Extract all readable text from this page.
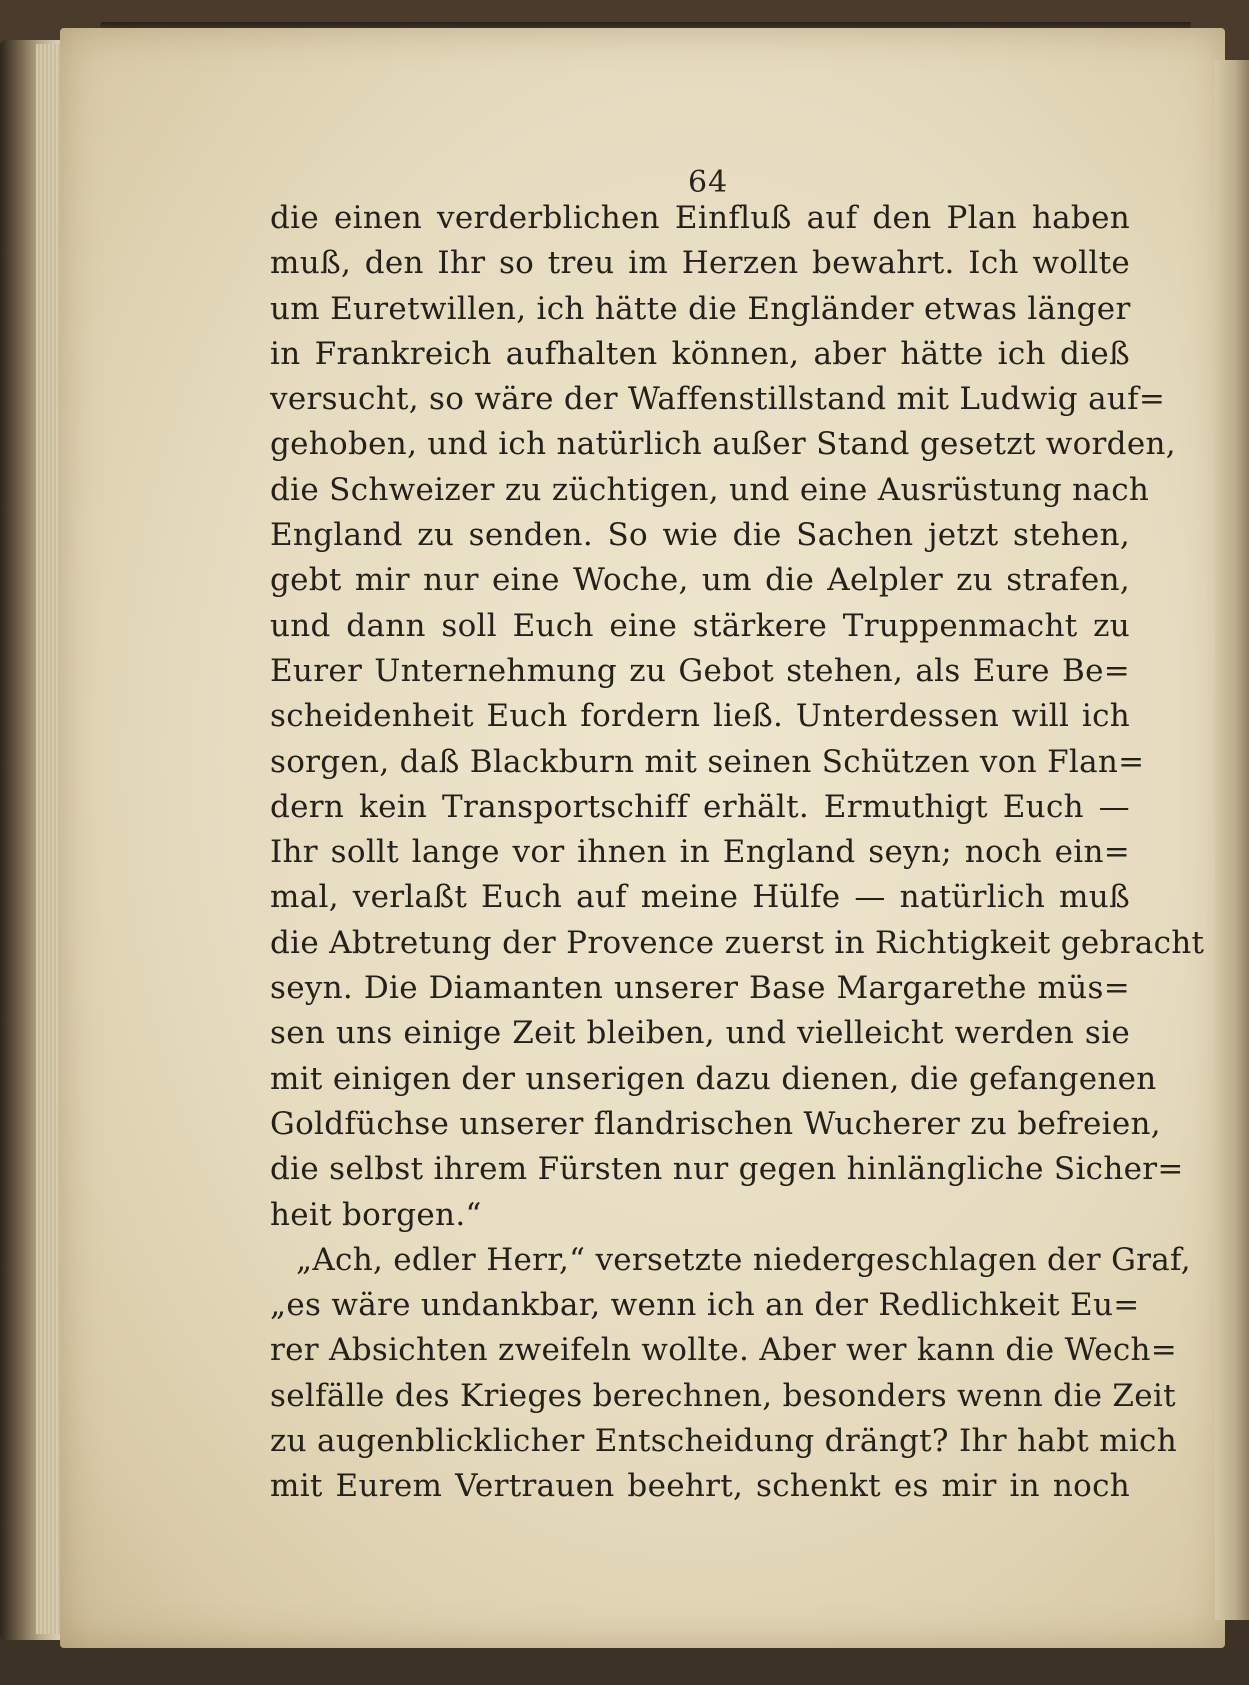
64
die einen verderblichen Einfluß auf den Plan haben
muß, den Ihr so treu im Herzen bewahrt. Ich wollte
um Euretwillen, ich hätte die Engländer etwas länger
in Frankreich aufhalten können, aber hätte ich dieß
versucht, so wäre der Waffenstillstand mit Ludwig auf=
gehoben, und ich natürlich außer Stand gesetzt worden,
die Schweizer zu züchtigen, und eine Ausrüstung nach
England zu senden. So wie die Sachen jetzt stehen,
gebt mir nur eine Woche, um die Aelpler zu strafen,
und dann soll Euch eine stärkere Truppenmacht zu
Eurer Unternehmung zu Gebot stehen, als Eure Be=
scheidenheit Euch fordern ließ. Unterdessen will ich
sorgen, daß Blackburn mit seinen Schützen von Flan=
dern kein Transportschiff erhält. Ermuthigt Euch —
Ihr sollt lange vor ihnen in England seyn; noch ein=
mal, verlaßt Euch auf meine Hülfe — natürlich muß
die Abtretung der Provence zuerst in Richtigkeit gebracht
seyn. Die Diamanten unserer Base Margarethe müs=
sen uns einige Zeit bleiben, und vielleicht werden sie
mit einigen der unserigen dazu dienen, die gefangenen
Goldfüchse unserer flandrischen Wucherer zu befreien,
die selbst ihrem Fürsten nur gegen hinlängliche Sicher=
heit borgen.“
„Ach, edler Herr,“ versetzte niedergeschlagen der Graf,
„es wäre undankbar, wenn ich an der Redlichkeit Eu=
rer Absichten zweifeln wollte. Aber wer kann die Wech=
selfälle des Krieges berechnen, besonders wenn die Zeit
zu augenblicklicher Entscheidung drängt? Ihr habt mich
mit Eurem Vertrauen beehrt, schenkt es mir in noch
